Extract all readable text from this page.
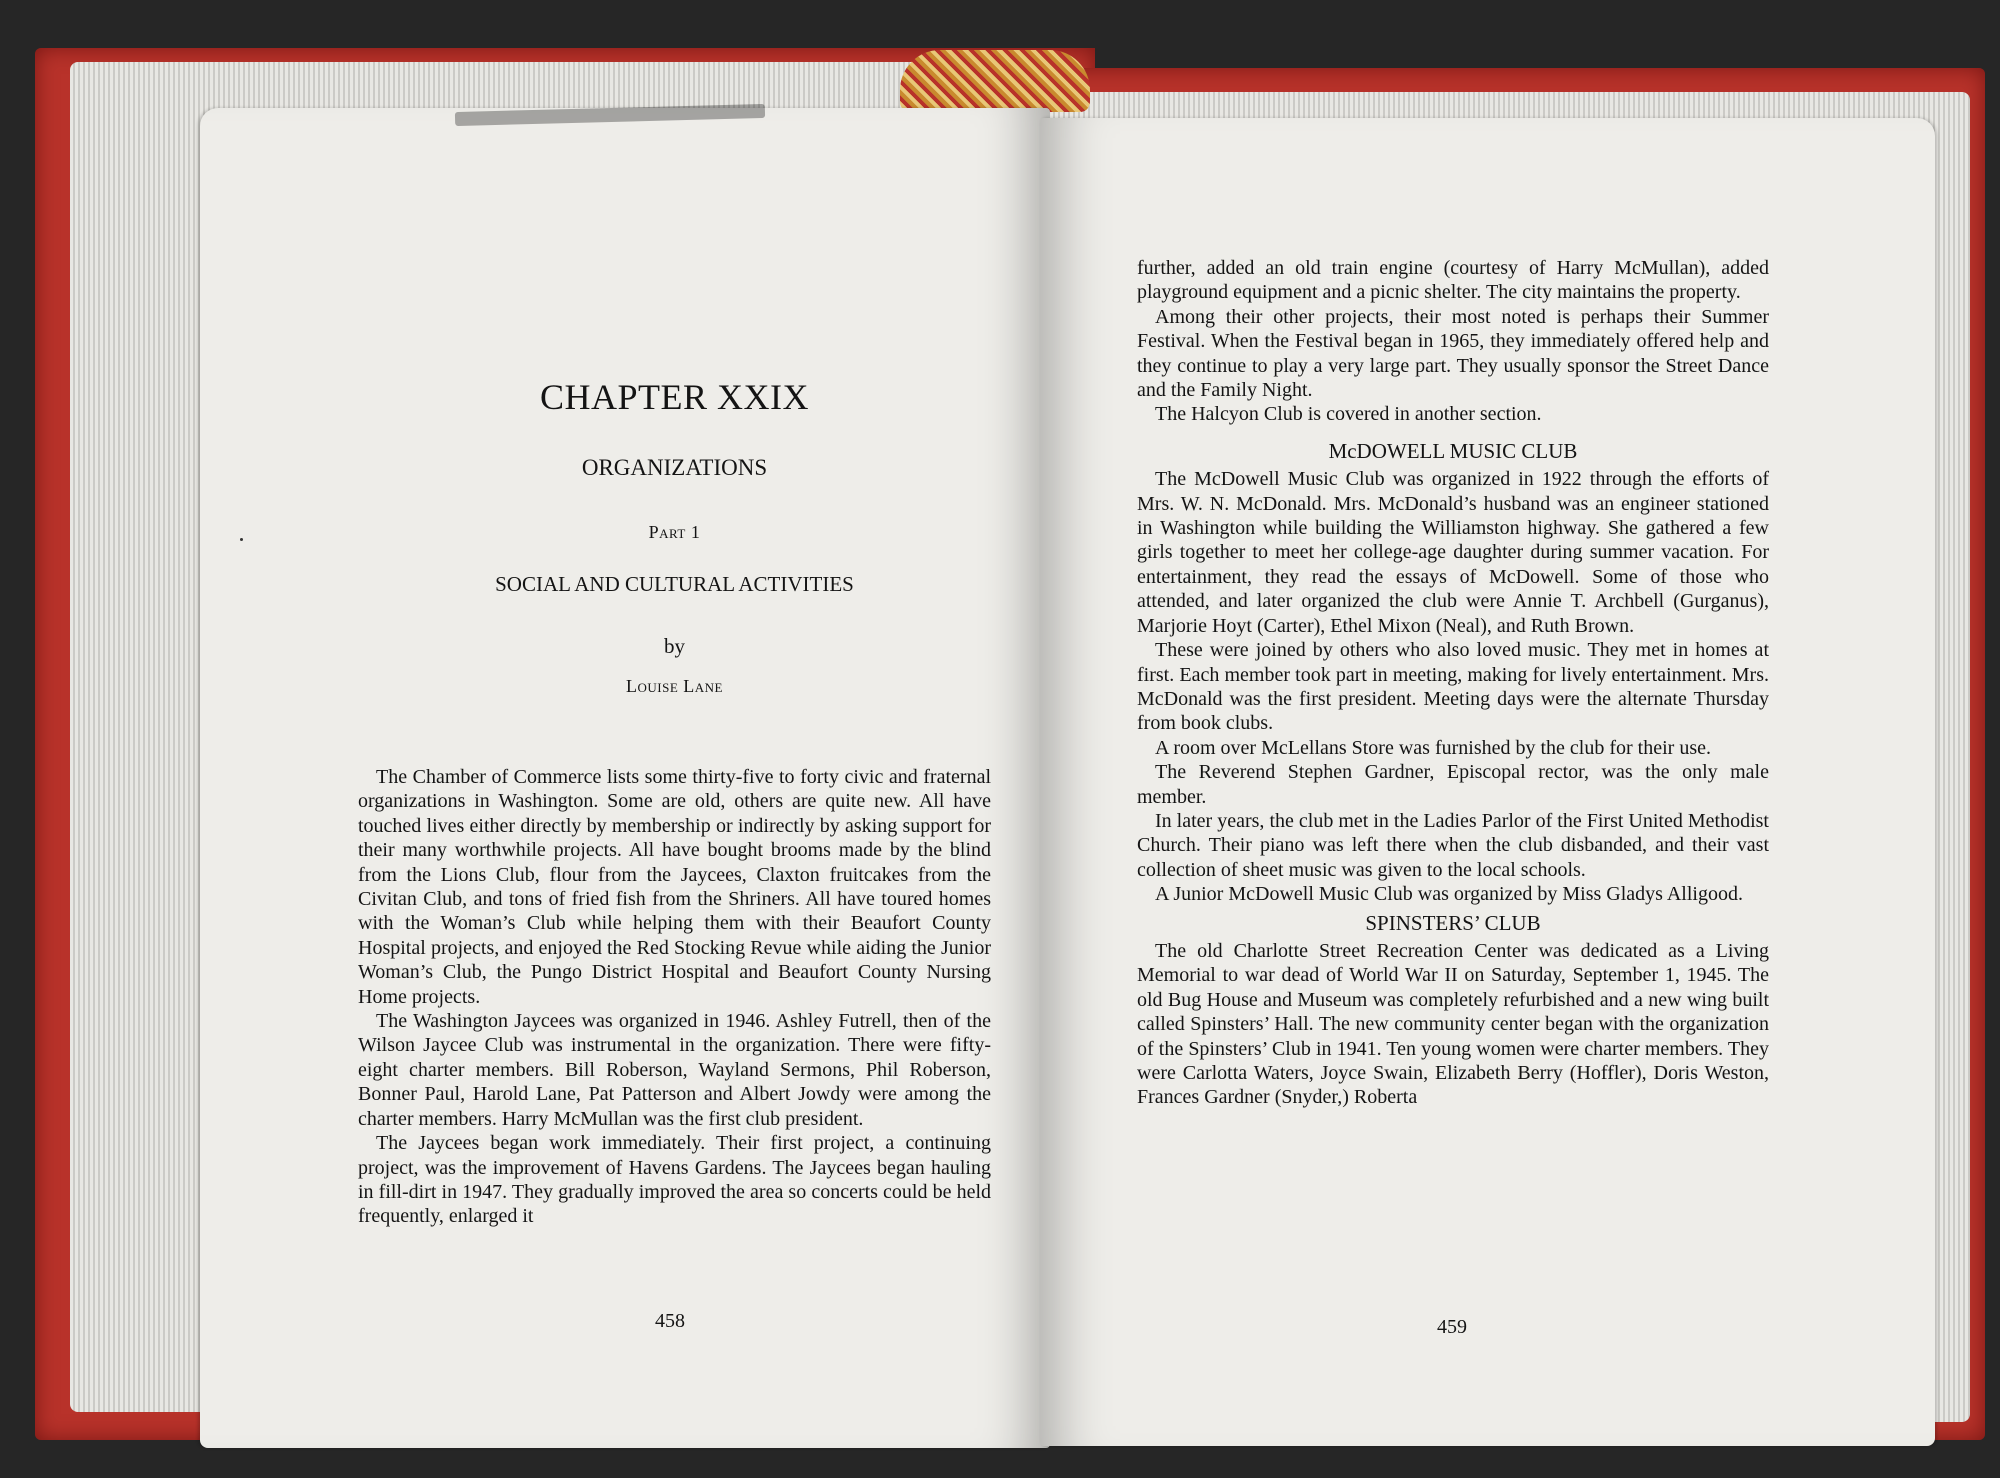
CHAPTER XXIX
ORGANIZATIONS
Part 1
SOCIAL AND CULTURAL ACTIVITIES
by
Louise Lane

The Chamber of Commerce lists some thirty-five to forty civic and fraternal organizations in Washington. Some are old, others are quite new. All have touched lives either directly by membership or indirectly by asking support for their many worthwhile projects. All have bought brooms made by the blind from the Lions Club, flour from the Jaycees, Claxton fruitcakes from the Civitan Club, and tons of fried fish from the Shriners. All have toured homes with the Woman’s Club while helping them with their Beaufort County Hospital projects, and enjoyed the Red Stocking Revue while aiding the Junior Woman’s Club, the Pungo District Hospital and Beaufort County Nursing Home projects.

The Washington Jaycees was organized in 1946. Ashley Futrell, then of the Wilson Jaycee Club was instrumental in the organization. There were fifty-eight charter members. Bill Roberson, Wayland Sermons, Phil Roberson, Bonner Paul, Harold Lane, Pat Patterson and Albert Jowdy were among the charter members. Harry McMullan was the first club president.

The Jaycees began work immediately. Their first project, a continuing project, was the improvement of Havens Gardens. The Jaycees began hauling in fill-dirt in 1947. They gradually improved the area so concerts could be held frequently, enlarged it

458

further, added an old train engine (courtesy of Harry McMullan), added playground equipment and a picnic shelter. The city maintains the property.

Among their other projects, their most noted is perhaps their Summer Festival. When the Festival began in 1965, they immediately offered help and they continue to play a very large part. They usually sponsor the Street Dance and the Family Night.

The Halcyon Club is covered in another section.

McDOWELL MUSIC CLUB

The McDowell Music Club was organized in 1922 through the efforts of Mrs. W. N. McDonald. Mrs. McDonald’s husband was an engineer stationed in Washington while building the Williamston highway. She gathered a few girls together to meet her college-age daughter during summer vacation. For entertainment, they read the essays of McDowell. Some of those who attended, and later organized the club were Annie T. Archbell (Gurganus), Marjorie Hoyt (Carter), Ethel Mixon (Neal), and Ruth Brown.

These were joined by others who also loved music. They met in homes at first. Each member took part in meeting, making for lively entertainment. Mrs. McDonald was the first president. Meeting days were the alternate Thursday from book clubs.

A room over McLellans Store was furnished by the club for their use.

The Reverend Stephen Gardner, Episcopal rector, was the only male member.

In later years, the club met in the Ladies Parlor of the First United Methodist Church. Their piano was left there when the club disbanded, and their vast collection of sheet music was given to the local schools.

A Junior McDowell Music Club was organized by Miss Gladys Alligood.

SPINSTERS’ CLUB

The old Charlotte Street Recreation Center was dedicated as a Living Memorial to war dead of World War II on Saturday, September 1, 1945. The old Bug House and Museum was completely refurbished and a new wing built called Spinsters’ Hall. The new community center began with the organization of the Spinsters’ Club in 1941. Ten young women were charter members. They were Carlotta Waters, Joyce Swain, Elizabeth Berry (Hoffler), Doris Weston, Frances Gardner (Snyder,) Roberta

459
